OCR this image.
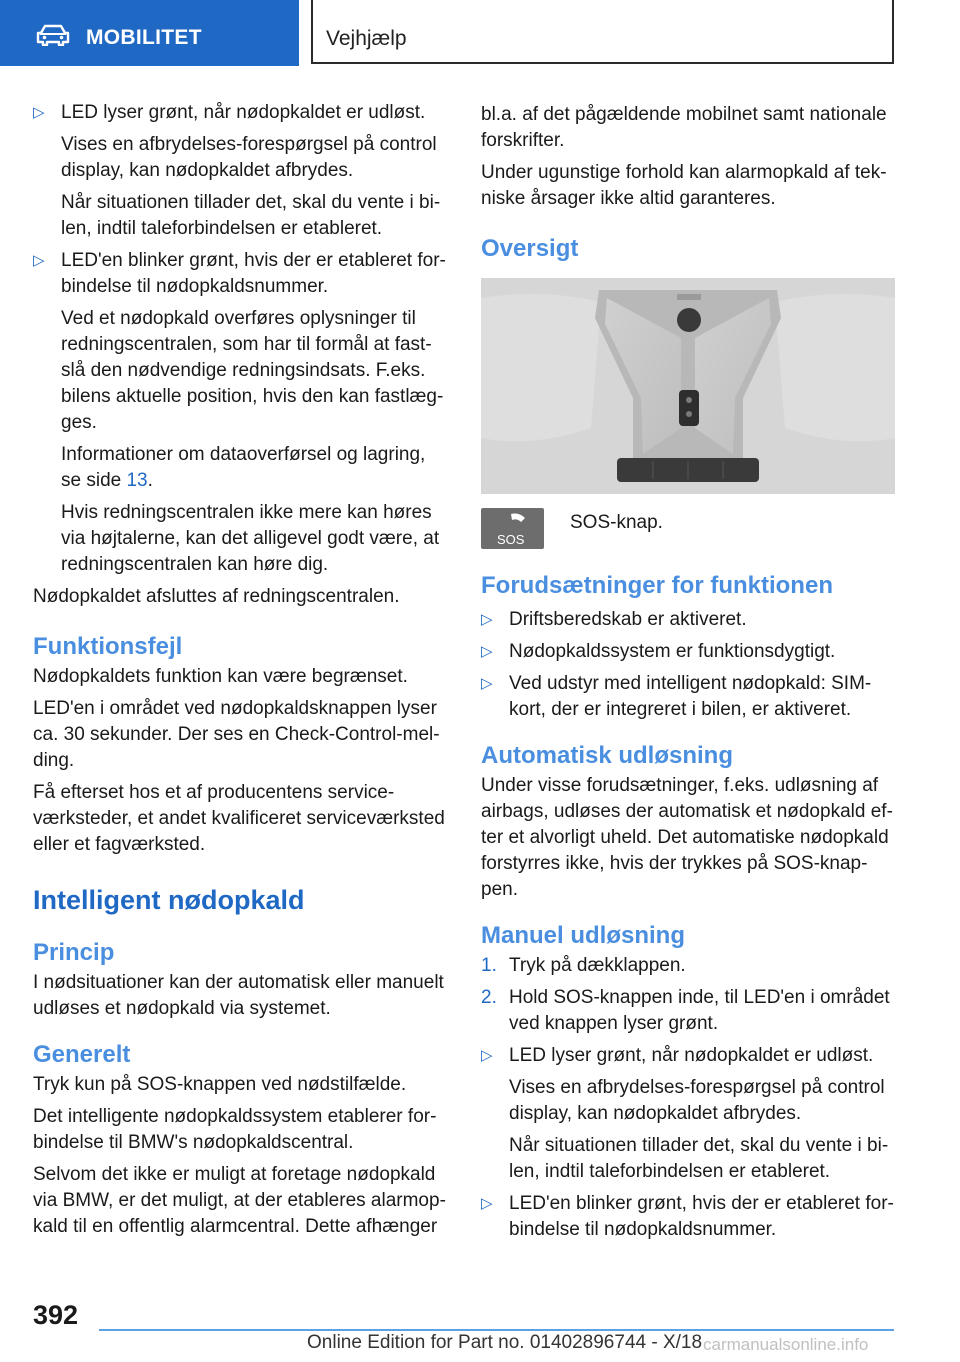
MOBILITET	Vejhjælp
▷ LED lyser grønt, når nødopkaldet er udløst.

Vises en afbrydelses-forespørgsel på control display, kan nødopkaldet afbrydes.

Når situationen tillader det, skal du vente i bilen, indtil taleforbindelsen er etableret.

▷ LED'en blinker grønt, hvis der er etableret forbindelse til nødopkaldsnummer.

Ved et nødopkald overføres oplysninger til redningscentralen, som har til formål at fastslå den nødvendige redningsindsats. F.eks. bilens aktuelle position, hvis den kan fastlægges.

Informationer om dataoverførsel og lagring, se side 13.

Hvis redningscentralen ikke mere kan høres via højtalerne, kan det alligevel godt være, at redningscentralen kan høre dig.

Nødopkaldet afsluttes af redningscentralen.

Funktionsfejl

Nødopkaldets funktion kan være begrænset.

LED'en i området ved nødopkaldsknappen lyser ca. 30 sekunder. Der ses en Check-Control-melding.

Få efterset hos et af producentens serviceværksteder, et andet kvalificeret serviceværksted eller et fagværksted.

Intelligent nødopkald
Princip

I nødsituationer kan der automatisk eller manuelt udløses et nødopkald via systemet.

Generelt

Tryk kun på SOS-knappen ved nødstilfælde.

Det intelligente nødopkaldssystem etablerer forbindelse til BMW's nødopkaldscentral.

Selvom det ikke er muligt at foretage nødopkald via BMW, er det muligt, at der etableres alarmopkald til en offentlig alarmcentral. Dette afhænger

bl.a. af det pågældende mobilnet samt nationale forskrifter.

Under ugunstige forhold kan alarmopkald af tekniske årsager ikke altid garanteres.

Oversigt
SOS
SOS-knap.
Forudsætninger for funktionen
▷ Driftsberedskab er aktiveret.
▷ Nødopkaldssystem er funktionsdygtigt.
▷ Ved udstyr med intelligent nødopkald: SIM-kort, der er integreret i bilen, er aktiveret.
Automatisk udløsning

Under visse forudsætninger, f.eks. udløsning af airbags, udløses der automatisk et nødopkald efter et alvorligt uheld. Det automatiske nødopkald forstyrres ikke, hvis der trykkes på SOS-knappen.

Manuel udløsning
1. Tryk på dækklappen.
2. Hold SOS-knappen inde, til LED'en i området ved knappen lyser grønt.
▷ LED lyser grønt, når nødopkaldet er udløst.

Vises en afbrydelses-forespørgsel på control display, kan nødopkaldet afbrydes.

Når situationen tillader det, skal du vente i bilen, indtil taleforbindelsen er etableret.

▷ LED'en blinker grønt, hvis der er etableret forbindelse til nødopkaldsnummer.
392
Online Edition for Part no. 01402896744 - X/18 carmanualsonline.info
